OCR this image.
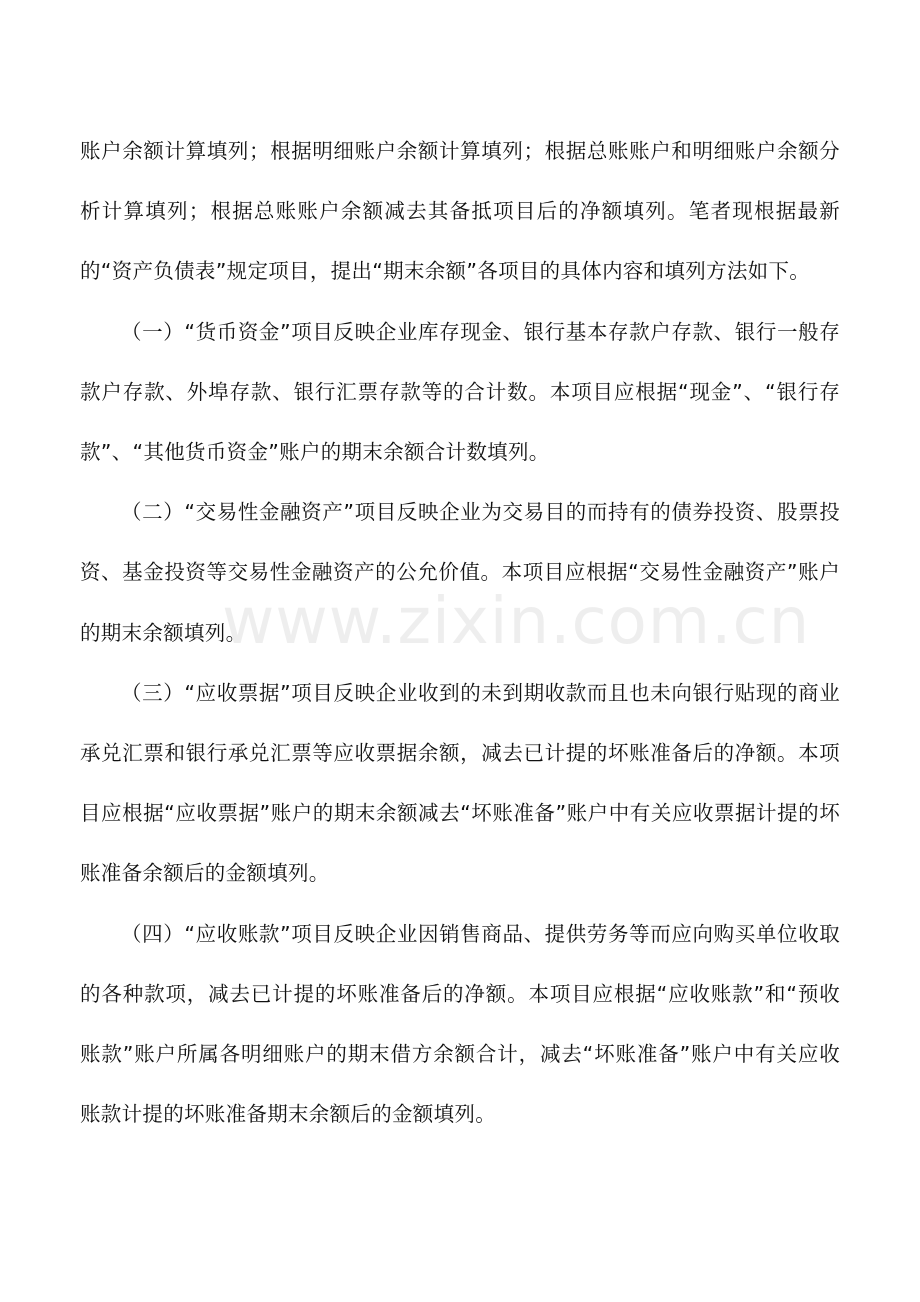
账户余额计算填列；根据明细账户余额计算填列；根据总账账户和明细账户余额分析计算填列；根据总账账户余额减去其备抵项目后的净额填列。笔者现根据最新的“资产负债表”规定项目，提出“期末余额”各项目的具体内容和填列方法如下。

（一）“货币资金”项目反映企业库存现金、银行基本存款户存款、银行一般存款户存款、外埠存款、银行汇票存款等的合计数。本项目应根据“现金”、“银行存款”、“其他货币资金”账户的期末余额合计数填列。

（二）“交易性金融资产”项目反映企业为交易目的而持有的债券投资、股票投资、基金投资等交易性金融资产的公允价值。本项目应根据“交易性金融资产”账户的期末余额填列。

（三）“应收票据”项目反映企业收到的未到期收款而且也未向银行贴现的商业承兑汇票和银行承兑汇票等应收票据余额，减去已计提的坏账准备后的净额。本项目应根据“应收票据”账户的期末余额减去“坏账准备”账户中有关应收票据计提的坏账准备余额后的金额填列。

（四）“应收账款”项目反映企业因销售商品、提供劳务等而应向购买单位收取的各种款项，减去已计提的坏账准备后的净额。本项目应根据“应收账款”和“预收账款”账户所属各明细账户的期末借方余额合计，减去“坏账准备”账户中有关应收账款计提的坏账准备期末余额后的金额填列。

www.zixin.com.cn
